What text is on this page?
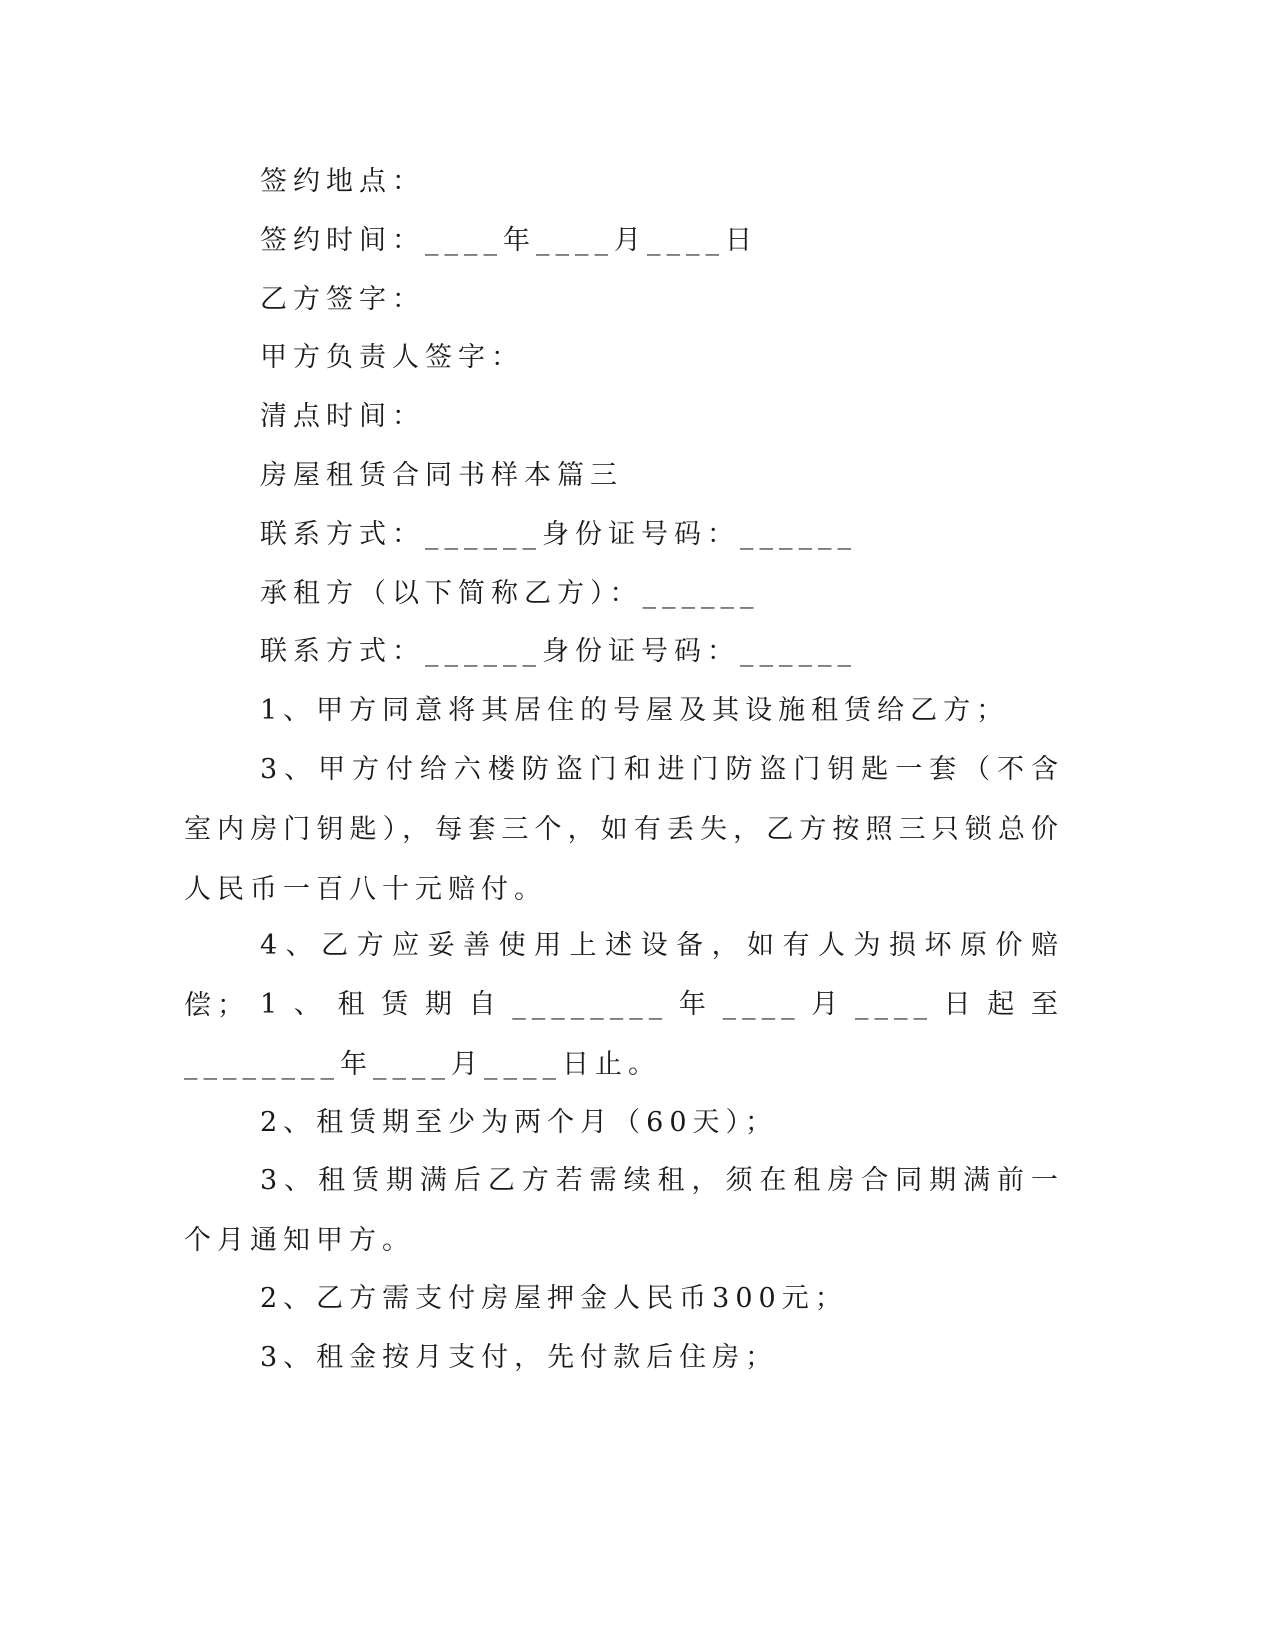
签约地点：

签约时间：____年____月____日

乙方签字：

甲方负责人签字：

清点时间：

房屋租赁合同书样本篇三

联系方式：______身份证号码：______

承租方（以下简称乙方）：______

联系方式：______身份证号码：______

1、甲方同意将其居住的号屋及其设施租赁给乙方；

3、甲方付给六楼防盗门和进门防盗门钥匙一套（不含室内房门钥匙），每套三个，如有丢失，乙方按照三只锁总价人民币一百八十元赔付。

4、乙方应妥善使用上述设备，如有人为损坏原价赔偿； 1、租赁期自________年____月____日起至________年____月____日止。

2、租赁期至少为两个月（60天）；

3、租赁期满后乙方若需续租，须在租房合同期满前一个月通知甲方。

2、乙方需支付房屋押金人民币300元；

3、租金按月支付，先付款后住房；
